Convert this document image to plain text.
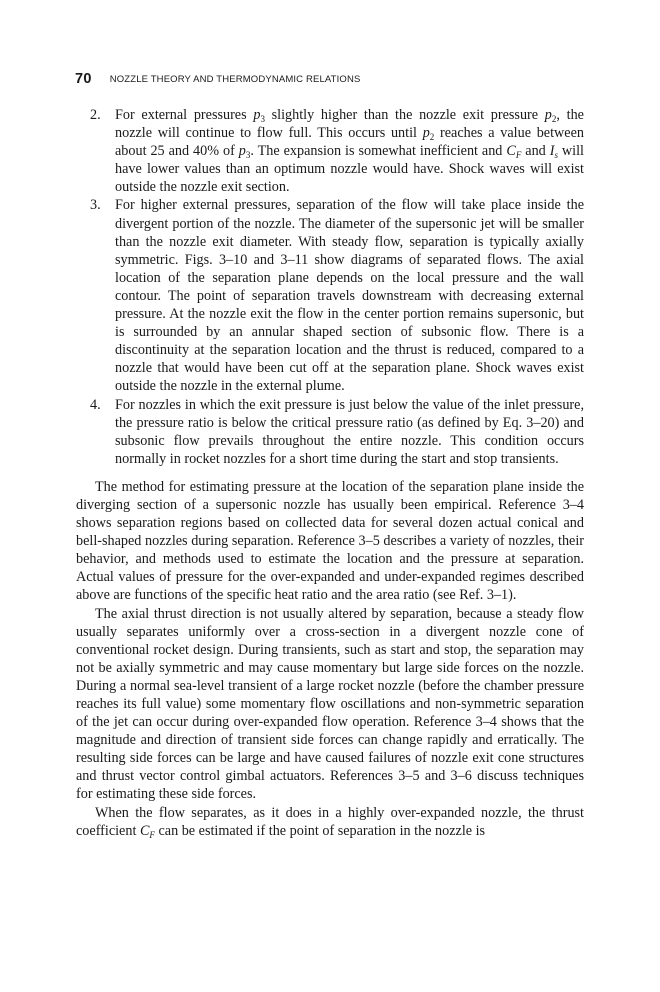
70 NOZZLE THEORY AND THERMODYNAMIC RELATIONS
2. For external pressures $p_3$ slightly higher than the nozzle exit pressure $p_2$, the nozzle will continue to flow full. This occurs until $p_2$ reaches a value between about 25 and 40% of $p_3$. The expansion is somewhat inefficient and $C_F$ and $I_s$ will have lower values than an optimum nozzle would have. Shock waves will exist outside the nozzle exit section.
3. For higher external pressures, separation of the flow will take place inside the divergent portion of the nozzle. The diameter of the supersonic jet will be smaller than the nozzle exit diameter. With steady flow, separation is typically axially symmetric. Figs. 3–10 and 3–11 show diagrams of separated flows. The axial location of the separation plane depends on the local pressure and the wall contour. The point of separation travels downstream with decreasing external pressure. At the nozzle exit the flow in the center portion remains supersonic, but is surrounded by an annular shaped section of subsonic flow. There is a discontinuity at the separation location and the thrust is reduced, compared to a nozzle that would have been cut off at the separation plane. Shock waves exist outside the nozzle in the external plume.
4. For nozzles in which the exit pressure is just below the value of the inlet pressure, the pressure ratio is below the critical pressure ratio (as defined by Eq. 3–20) and subsonic flow prevails throughout the entire nozzle. This condition occurs normally in rocket nozzles for a short time during the start and stop transients.

The method for estimating pressure at the location of the separation plane inside the diverging section of a supersonic nozzle has usually been empirical. Reference 3–4 shows separation regions based on collected data for several dozen actual conical and bell-shaped nozzles during separation. Reference 3–5 describes a variety of nozzles, their behavior, and methods used to estimate the location and the pressure at separation. Actual values of pressure for the over-expanded and under-expanded regimes described above are functions of the specific heat ratio and the area ratio (see Ref. 3–1).

The axial thrust direction is not usually altered by separation, because a steady flow usually separates uniformly over a cross-section in a divergent nozzle cone of conventional rocket design. During transients, such as start and stop, the separation may not be axially symmetric and may cause momentary but large side forces on the nozzle. During a normal sea-level transient of a large rocket nozzle (before the chamber pressure reaches its full value) some momentary flow oscillations and non-symmetric separation of the jet can occur during over-expanded flow operation. Reference 3–4 shows that the magnitude and direction of transient side forces can change rapidly and erratically. The resulting side forces can be large and have caused failures of nozzle exit cone structures and thrust vector control gimbal actuators. References 3–5 and 3–6 discuss techniques for estimating these side forces.

When the flow separates, as it does in a highly over-expanded nozzle, the thrust coefficient $C_F$ can be estimated if the point of separation in the nozzle is
